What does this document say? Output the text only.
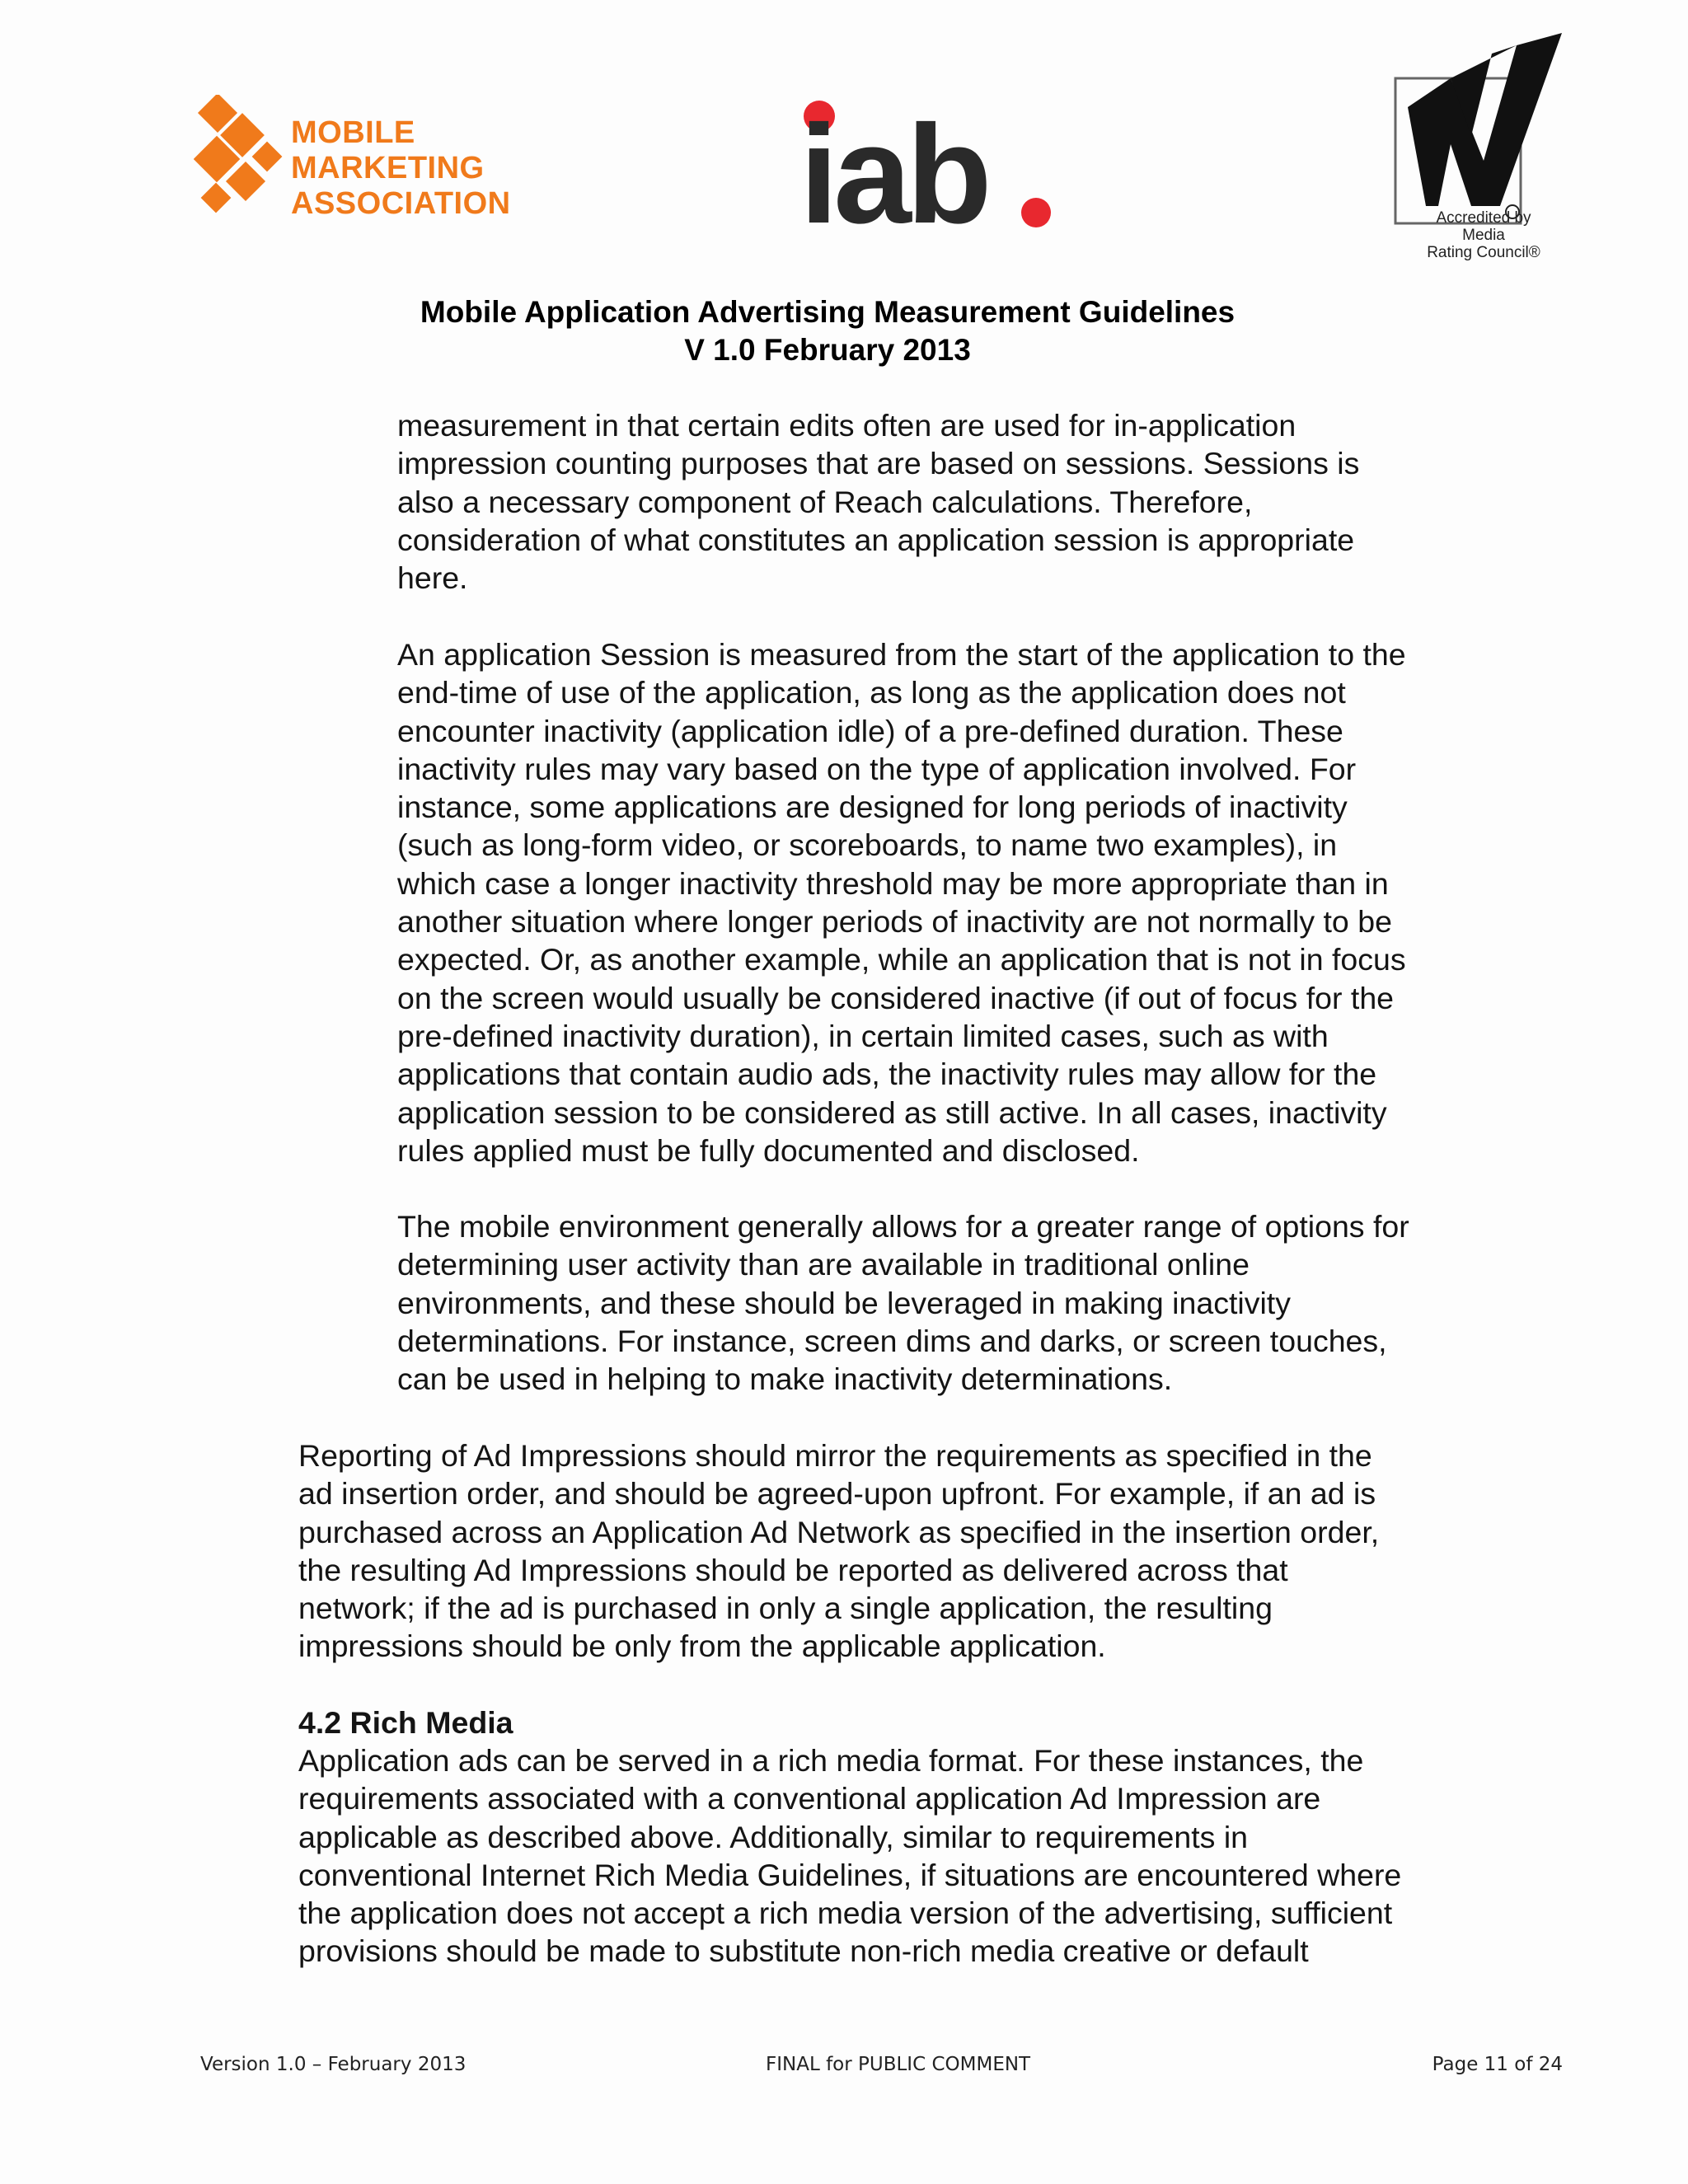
MOBILE
MARKETING
ASSOCIATION iab	Accredited by
Media
Rating Council®
Mobile Application Advertising Measurement Guidelines
V 1.0 February 2013
measurement in that certain edits often are used for in-application
impression counting purposes that are based on sessions. Sessions is
also a necessary component of Reach calculations. Therefore,
consideration of what constitutes an application session is appropriate
here.
An application Session is measured from the start of the application to the
end-time of use of the application, as long as the application does not
encounter inactivity (application idle) of a pre-defined duration. These
inactivity rules may vary based on the type of application involved. For
instance, some applications are designed for long periods of inactivity
(such as long-form video, or scoreboards, to name two examples), in
which case a longer inactivity threshold may be more appropriate than in
another situation where longer periods of inactivity are not normally to be
expected. Or, as another example, while an application that is not in focus
on the screen would usually be considered inactive (if out of focus for the
pre-defined inactivity duration), in certain limited cases, such as with
applications that contain audio ads, the inactivity rules may allow for the
application session to be considered as still active. In all cases, inactivity
rules applied must be fully documented and disclosed.
The mobile environment generally allows for a greater range of options for
determining user activity than are available in traditional online
environments, and these should be leveraged in making inactivity
determinations. For instance, screen dims and darks, or screen touches,
can be used in helping to make inactivity determinations.
Reporting of Ad Impressions should mirror the requirements as specified in the
ad insertion order, and should be agreed-upon upfront. For example, if an ad is
purchased across an Application Ad Network as specified in the insertion order,
the resulting Ad Impressions should be reported as delivered across that
network; if the ad is purchased in only a single application, the resulting
impressions should be only from the applicable application.
4.2 Rich Media
Application ads can be served in a rich media format. For these instances, the
requirements associated with a conventional application Ad Impression are
applicable as described above. Additionally, similar to requirements in
conventional Internet Rich Media Guidelines, if situations are encountered where
the application does not accept a rich media version of the advertising, sufficient
provisions should be made to substitute non-rich media creative or default
Version 1.0 – February 2013	FINAL for PUBLIC COMMENT	Page 11 of 24
